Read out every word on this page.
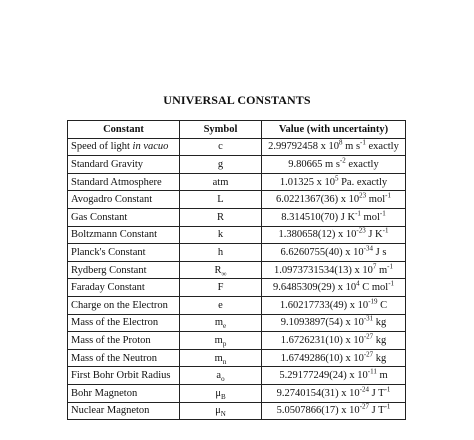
UNIVERSAL CONSTANTS
Constant	Symbol	Value (with uncertainty)
Speed of light in vacuo	c	2.99792458 x $10^8$ m $s^{-1}$ exactly
Standard Gravity	g	9.80665 m $s^{-2}$ exactly
Standard Atmosphere	atm	1.01325 x $10^5$ Pa. exactly
Avogadro Constant	L	6.0221367(36) x $10^{23}$ mol$^{-1}$
Gas Constant	R	8.314510(70) J $K^{-1}$ mol$^{-1}$
Boltzmann Constant	k	1.380658(12) x $10^{-23}$ J $K^{-1}$
Planck's Constant	h	6.6260755(40) x $10^{-34}$ J s
Rydberg Constant	$R_\infty$	1.0973731534(13) x $10^7$ $m^{-1}$
Faraday Constant	F	9.6485309(29) x $10^4$ C mol$^{-1}$
Charge on the Electron	e	1.60217733(49) x $10^{-19}$ C
Mass of the Electron	$m_e$	9.1093897(54) x $10^{-31}$ kg
Mass of the Proton	$m_p$	1.6726231(10) x $10^{-27}$ kg
Mass of the Neutron	$m_n$	1.6749286(10) x $10^{-27}$ kg
First Bohr Orbit Radius	$a_o$	5.29177249(24) x $10^{-11}$ m
Bohr Magneton	$\mu_B$	9.2740154(31) x $10^{-24}$ J $T^{-1}$
Nuclear Magneton	$\mu_N$	5.0507866(17) x $10^{-27}$ J $T^{-1}$
